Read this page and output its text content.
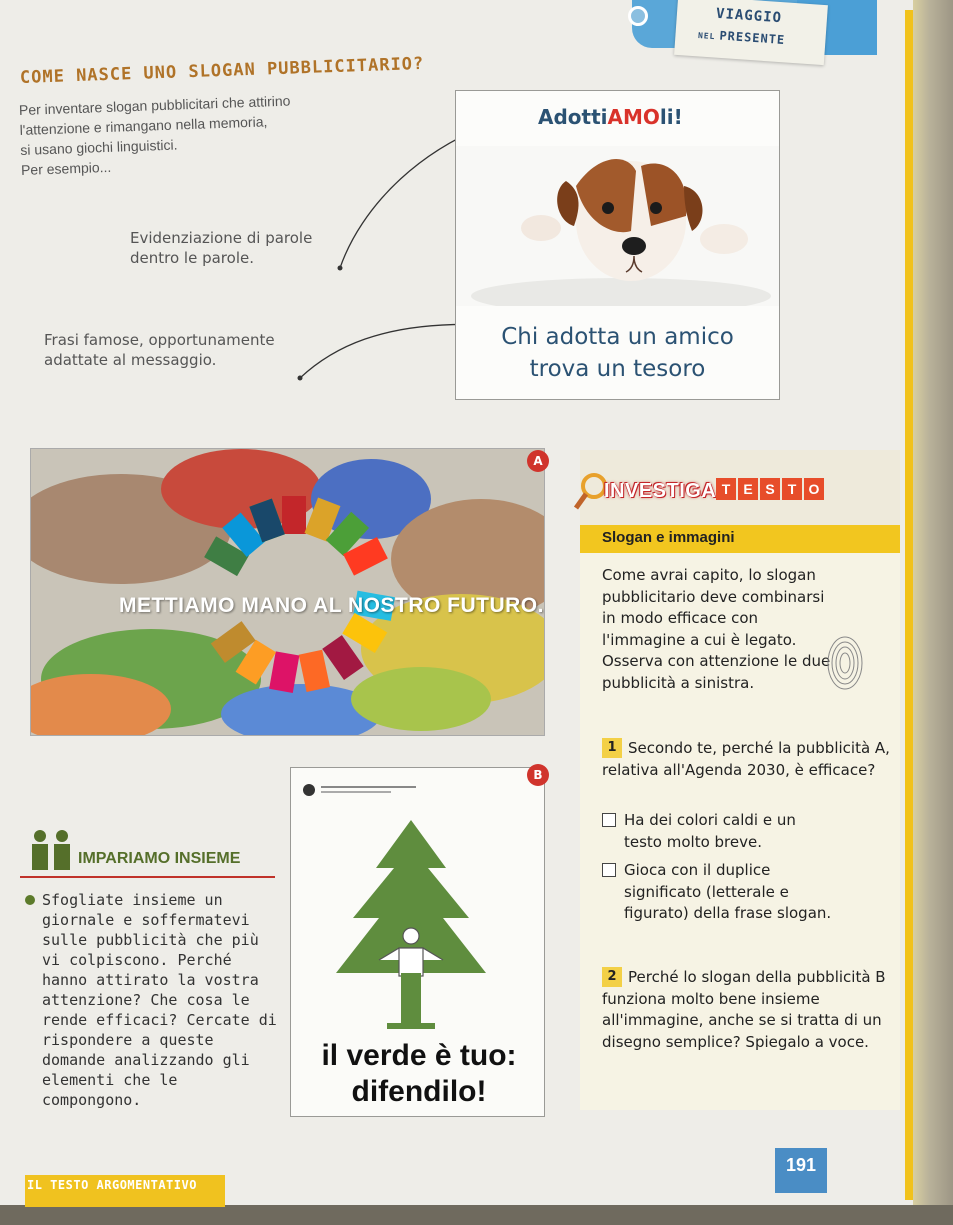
VIAGGIO
NEL PRESENTE
COME NASCE UNO SLOGAN PUBBLICITARIO?
Per inventare slogan pubblicitari che attirino
l'attenzione e rimangano nella memoria,
si usano giochi linguistici.
Per esempio...
Evidenziazione di parole dentro le parole.
Frasi famose, opportunamente adattate al messaggio.
AdottiAMOli!
Chi adotta un amico
trova un tesoro
METTIAMO MANO AL NOSTRO FUTURO.
A
il verde è tuo:
difendilo!
B
IMPARIAMO INSIEME
Sfogliate insieme un giornale e soffermatevi sulle pubblicità che più vi colpiscono. Perché hanno attirato la vostra attenzione? Che cosa le rende efficaci? Cercate di rispondere a queste domande analizzando gli elementi che le compongono.
INVESTIGA T E S T O
Slogan e immagini
Come avrai capito, lo slogan pubblicitario deve combinarsi in modo efficace con l'immagine a cui è legato. Osserva con attenzione le due pubblicità a sinistra.
1 Secondo te, perché la pubblicità A, relativa all'Agenda 2030, è efficace?
Ha dei colori caldi e un testo molto breve.
Gioca con il duplice significato (letterale e figurato) della frase slogan.
2 Perché lo slogan della pubblicità B funziona molto bene insieme all'immagine, anche se si tratta di un disegno semplice? Spiegalo a voce.
191
IL TESTO ARGOMENTATIVO
